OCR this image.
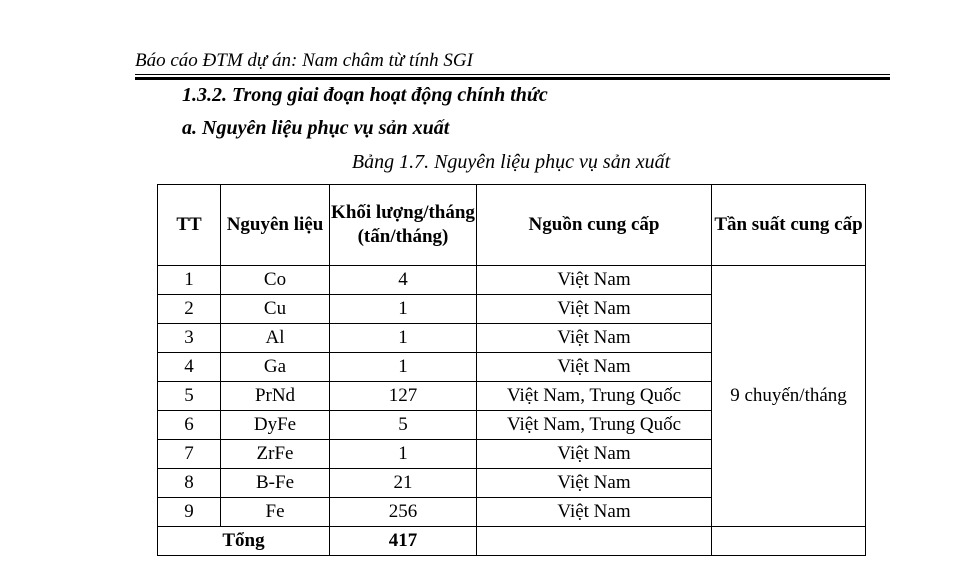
Báo cáo ĐTM dự án: Nam châm từ tính SGI
1.3.2. Trong giai đoạn hoạt động chính thức
a. Nguyên liệu phục vụ sản xuất
Bảng 1.7. Nguyên liệu phục vụ sản xuất
TT	Nguyên liệu	Khối lượng/tháng (tấn/tháng)	Nguồn cung cấp	Tần suất cung cấp
1	Co	4	Việt Nam	9 chuyến/tháng
2	Cu	1	Việt Nam	
3	Al	1	Việt Nam	
4	Ga	1	Việt Nam	
5	PrNd	127	Việt Nam, Trung Quốc	
6	DyFe	5	Việt Nam, Trung Quốc	
7	ZrFe	1	Việt Nam	
8	B-Fe	21	Việt Nam	
9	Fe	256	Việt Nam	
Tổng		417		
